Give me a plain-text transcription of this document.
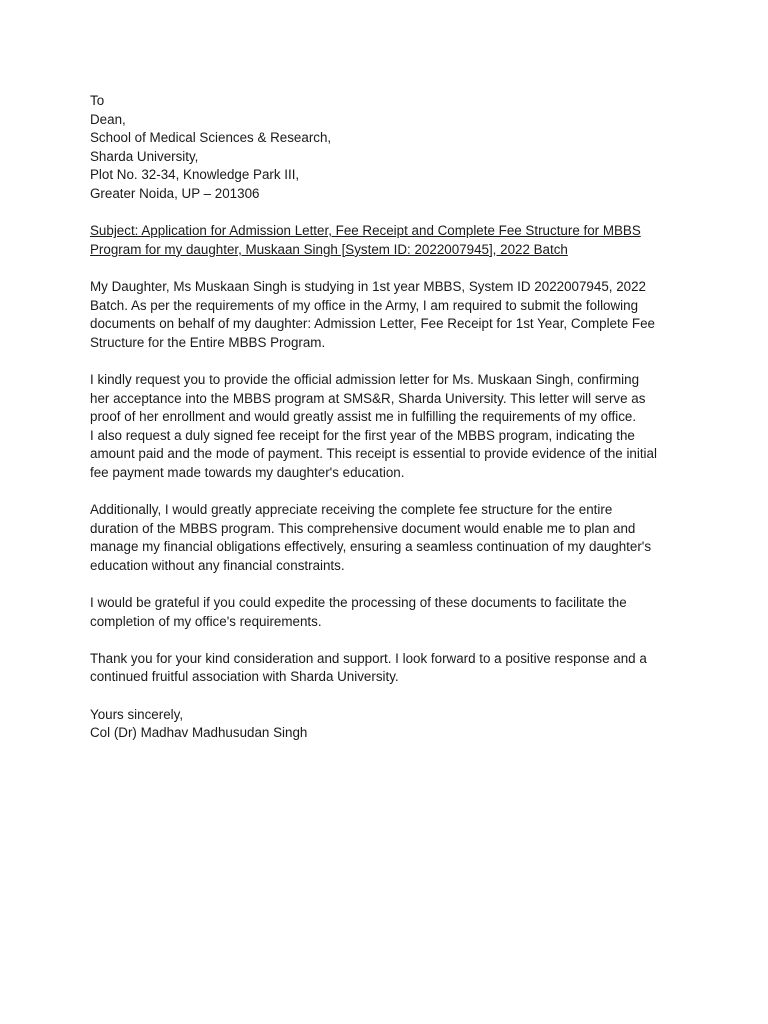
To
Dean,
School of Medical Sciences & Research,
Sharda University,
Plot No. 32-34, Knowledge Park III,
Greater Noida, UP – 201306
Subject: Application for Admission Letter, Fee Receipt and Complete Fee Structure for MBBS
Program for my daughter, Muskaan Singh [System ID: 2022007945], 2022 Batch
My Daughter, Ms Muskaan Singh is studying in 1st year MBBS, System ID 2022007945, 2022
Batch. As per the requirements of my office in the Army, I am required to submit the following
documents on behalf of my daughter: Admission Letter, Fee Receipt for 1st Year, Complete Fee
Structure for the Entire MBBS Program.
I kindly request you to provide the official admission letter for Ms. Muskaan Singh, confirming
her acceptance into the MBBS program at SMS&R, Sharda University. This letter will serve as
proof of her enrollment and would greatly assist me in fulfilling the requirements of my office.
I also request a duly signed fee receipt for the first year of the MBBS program, indicating the
amount paid and the mode of payment. This receipt is essential to provide evidence of the initial
fee payment made towards my daughter's education.
Additionally, I would greatly appreciate receiving the complete fee structure for the entire
duration of the MBBS program. This comprehensive document would enable me to plan and
manage my financial obligations effectively, ensuring a seamless continuation of my daughter's
education without any financial constraints.
I would be grateful if you could expedite the processing of these documents to facilitate the
completion of my office's requirements.
Thank you for your kind consideration and support. I look forward to a positive response and a
continued fruitful association with Sharda University.
Yours sincerely,
Col (Dr) Madhav Madhusudan Singh
